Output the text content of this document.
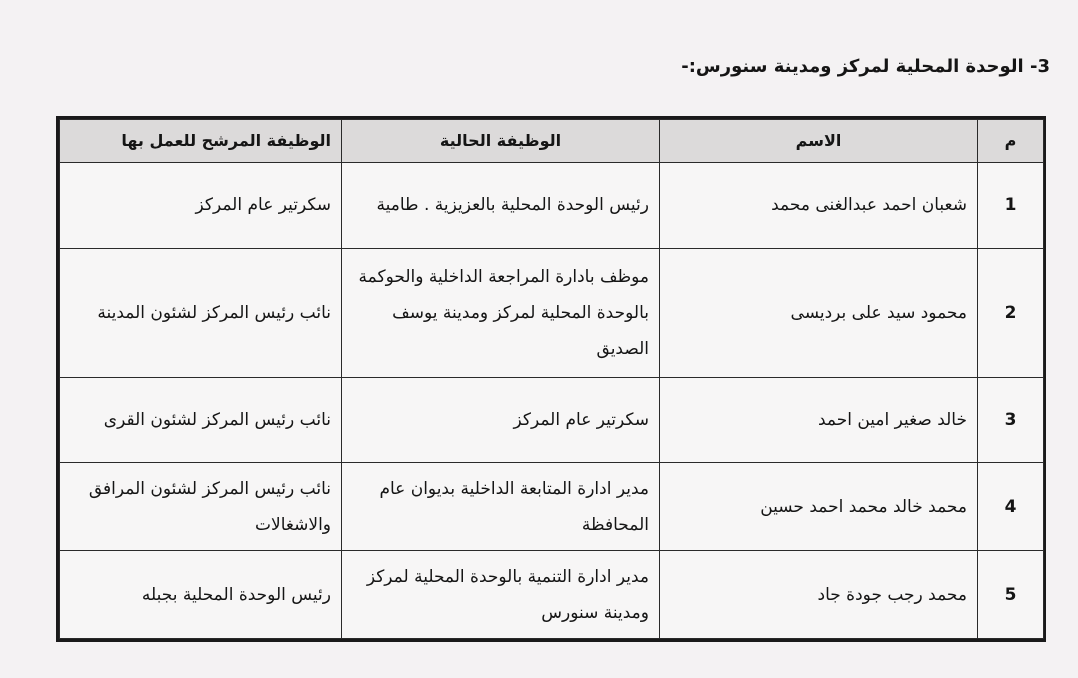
3- الوحدة المحلية لمركز ومدينة سنورس:-
م	الاسم	الوظيفة الحالية	الوظيفة المرشح للعمل بها
1	شعبان احمد عبدالغنى محمد	رئيس الوحدة المحلية بالعزيزية . طامية	سكرتير عام المركز
2	محمود سيد على برديسى	موظف بادارة المراجعة الداخلية والحوكمة بالوحدة المحلية لمركز ومدينة يوسف الصديق	نائب رئيس المركز لشئون المدينة
3	خالد صغير امين احمد	سكرتير عام المركز	نائب رئيس المركز لشئون القرى
4	محمد خالد محمد احمد حسين	مدير ادارة المتابعة الداخلية بديوان عام المحافظة	نائب رئيس المركز لشئون المرافق والاشغالات
5	محمد رجب جودة جاد	مدير ادارة التنمية بالوحدة المحلية لمركز ومدينة سنورس	رئيس الوحدة المحلية بجبله
